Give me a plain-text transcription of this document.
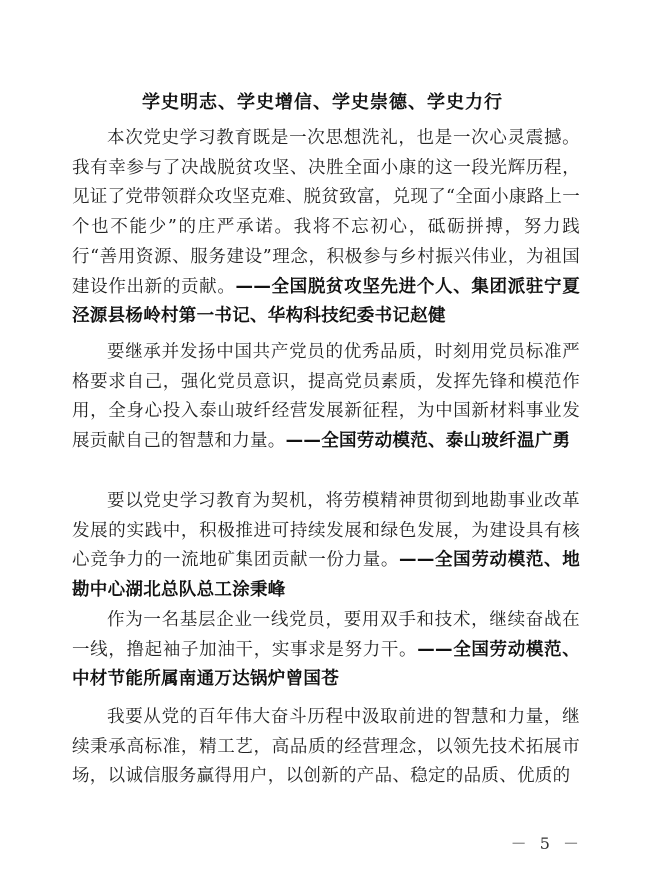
学史明志、学史增信、学史崇德、学史力行

本次党史学习教育既是一次思想洗礼，也是一次心灵震撼。我有幸参与了决战脱贫攻坚、决胜全面小康的这一段光辉历程，见证了党带领群众攻坚克难、脱贫致富，兑现了“全面小康路上一个也不能少”的庄严承诺。我将不忘初心，砥砺拼搏，努力践行“善用资源、服务建设”理念，积极参与乡村振兴伟业，为祖国建设作出新的贡献。——全国脱贫攻坚先进个人、集团派驻宁夏泾源县杨岭村第一书记、华构科技纪委书记赵健

要继承并发扬中国共产党员的优秀品质，时刻用党员标准严格要求自己，强化党员意识，提高党员素质，发挥先锋和模范作用，全身心投入泰山玻纤经营发展新征程，为中国新材料事业发展贡献自己的智慧和力量。——全国劳动模范、泰山玻纤温广勇

要以党史学习教育为契机，将劳模精神贯彻到地勘事业改革发展的实践中，积极推进可持续发展和绿色发展，为建设具有核心竞争力的一流地矿集团贡献一份力量。——全国劳动模范、地勘中心湖北总队总工涂秉峰

作为一名基层企业一线党员，要用双手和技术，继续奋战在一线，撸起袖子加油干，实事求是努力干。——全国劳动模范、中材节能所属南通万达锅炉曾国苍

我要从党的百年伟大奋斗历程中汲取前进的智慧和力量，继续秉承高标准，精工艺，高品质的经营理念，以领先技术拓展市场，以诚信服务赢得用户，以创新的产品、稳定的品质、优质的

－ 5 －
